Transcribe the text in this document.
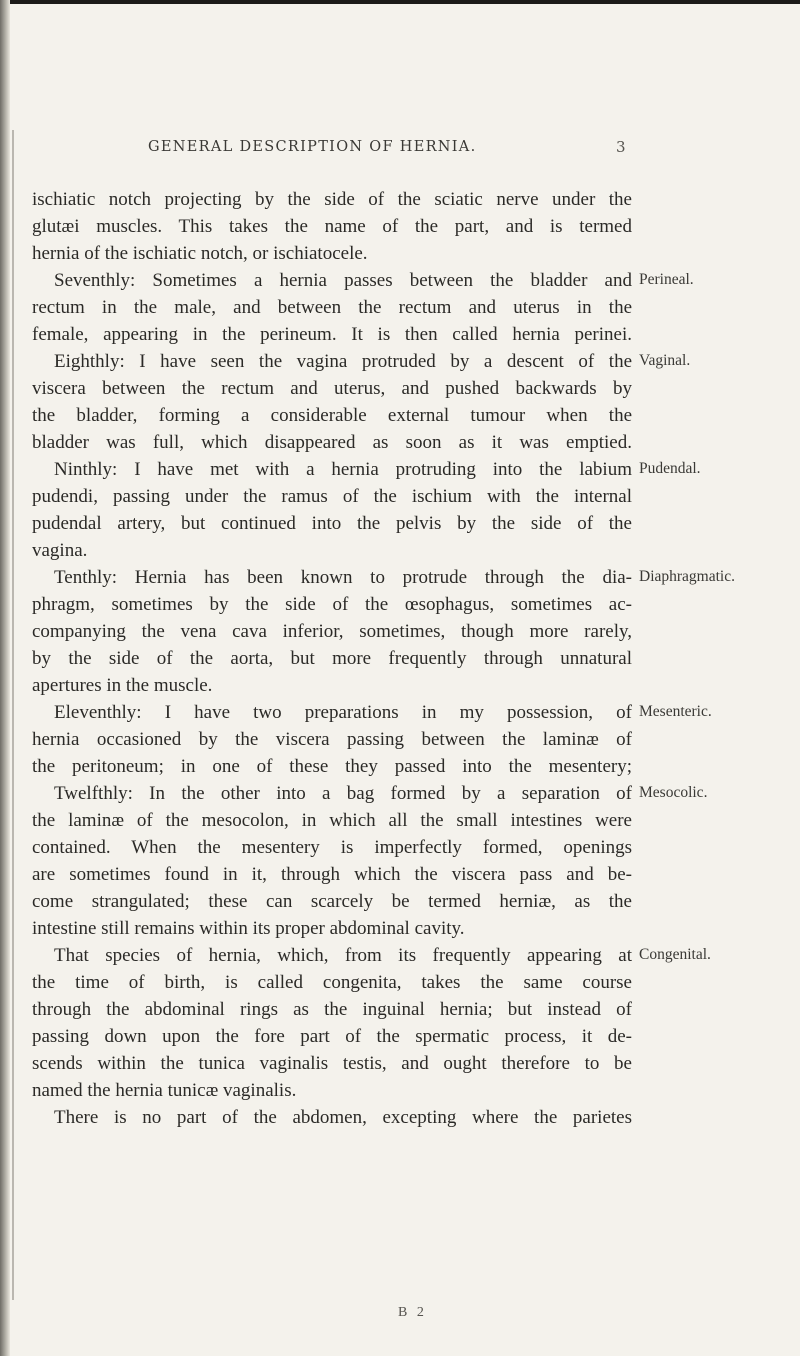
GENERAL DESCRIPTION OF HERNIA.	3
ischiatic notch projecting by the side of the sciatic nerve under the
glutæi muscles. This takes the name of the part, and is termed
hernia of the ischiatic notch, or ischiatocele.
Seventhly: Sometimes a hernia passes between the bladder and
rectum in the male, and between the rectum and uterus in the
female, appearing in the perineum. It is then called hernia perinei.
Eighthly: I have seen the vagina protruded by a descent of the
viscera between the rectum and uterus, and pushed backwards by
the bladder, forming a considerable external tumour when the
bladder was full, which disappeared as soon as it was emptied.
Ninthly: I have met with a hernia protruding into the labium
pudendi, passing under the ramus of the ischium with the internal
pudendal artery, but continued into the pelvis by the side of the
vagina.
Tenthly: Hernia has been known to protrude through the dia-
phragm, sometimes by the side of the œsophagus, sometimes ac-
companying the vena cava inferior, sometimes, though more rarely,
by the side of the aorta, but more frequently through unnatural
apertures in the muscle.
Eleventhly: I have two preparations in my possession, of
hernia occasioned by the viscera passing between the laminæ of
the peritoneum; in one of these they passed into the mesentery;
Twelfthly: In the other into a bag formed by a separation of
the laminæ of the mesocolon, in which all the small intestines were
contained. When the mesentery is imperfectly formed, openings
are sometimes found in it, through which the viscera pass and be-
come strangulated; these can scarcely be termed herniæ, as the
intestine still remains within its proper abdominal cavity.
That species of hernia, which, from its frequently appearing at
the time of birth, is called congenita, takes the same course
through the abdominal rings as the inguinal hernia; but instead of
passing down upon the fore part of the spermatic process, it de-
scends within the tunica vaginalis testis, and ought therefore to be
named the hernia tunicæ vaginalis.
There is no part of the abdomen, excepting where the parietes
Perineal.
Vaginal.
Pudendal.
Diaphragmatic.
Mesenteric.
Mesocolic.
Congenital.
B 2
